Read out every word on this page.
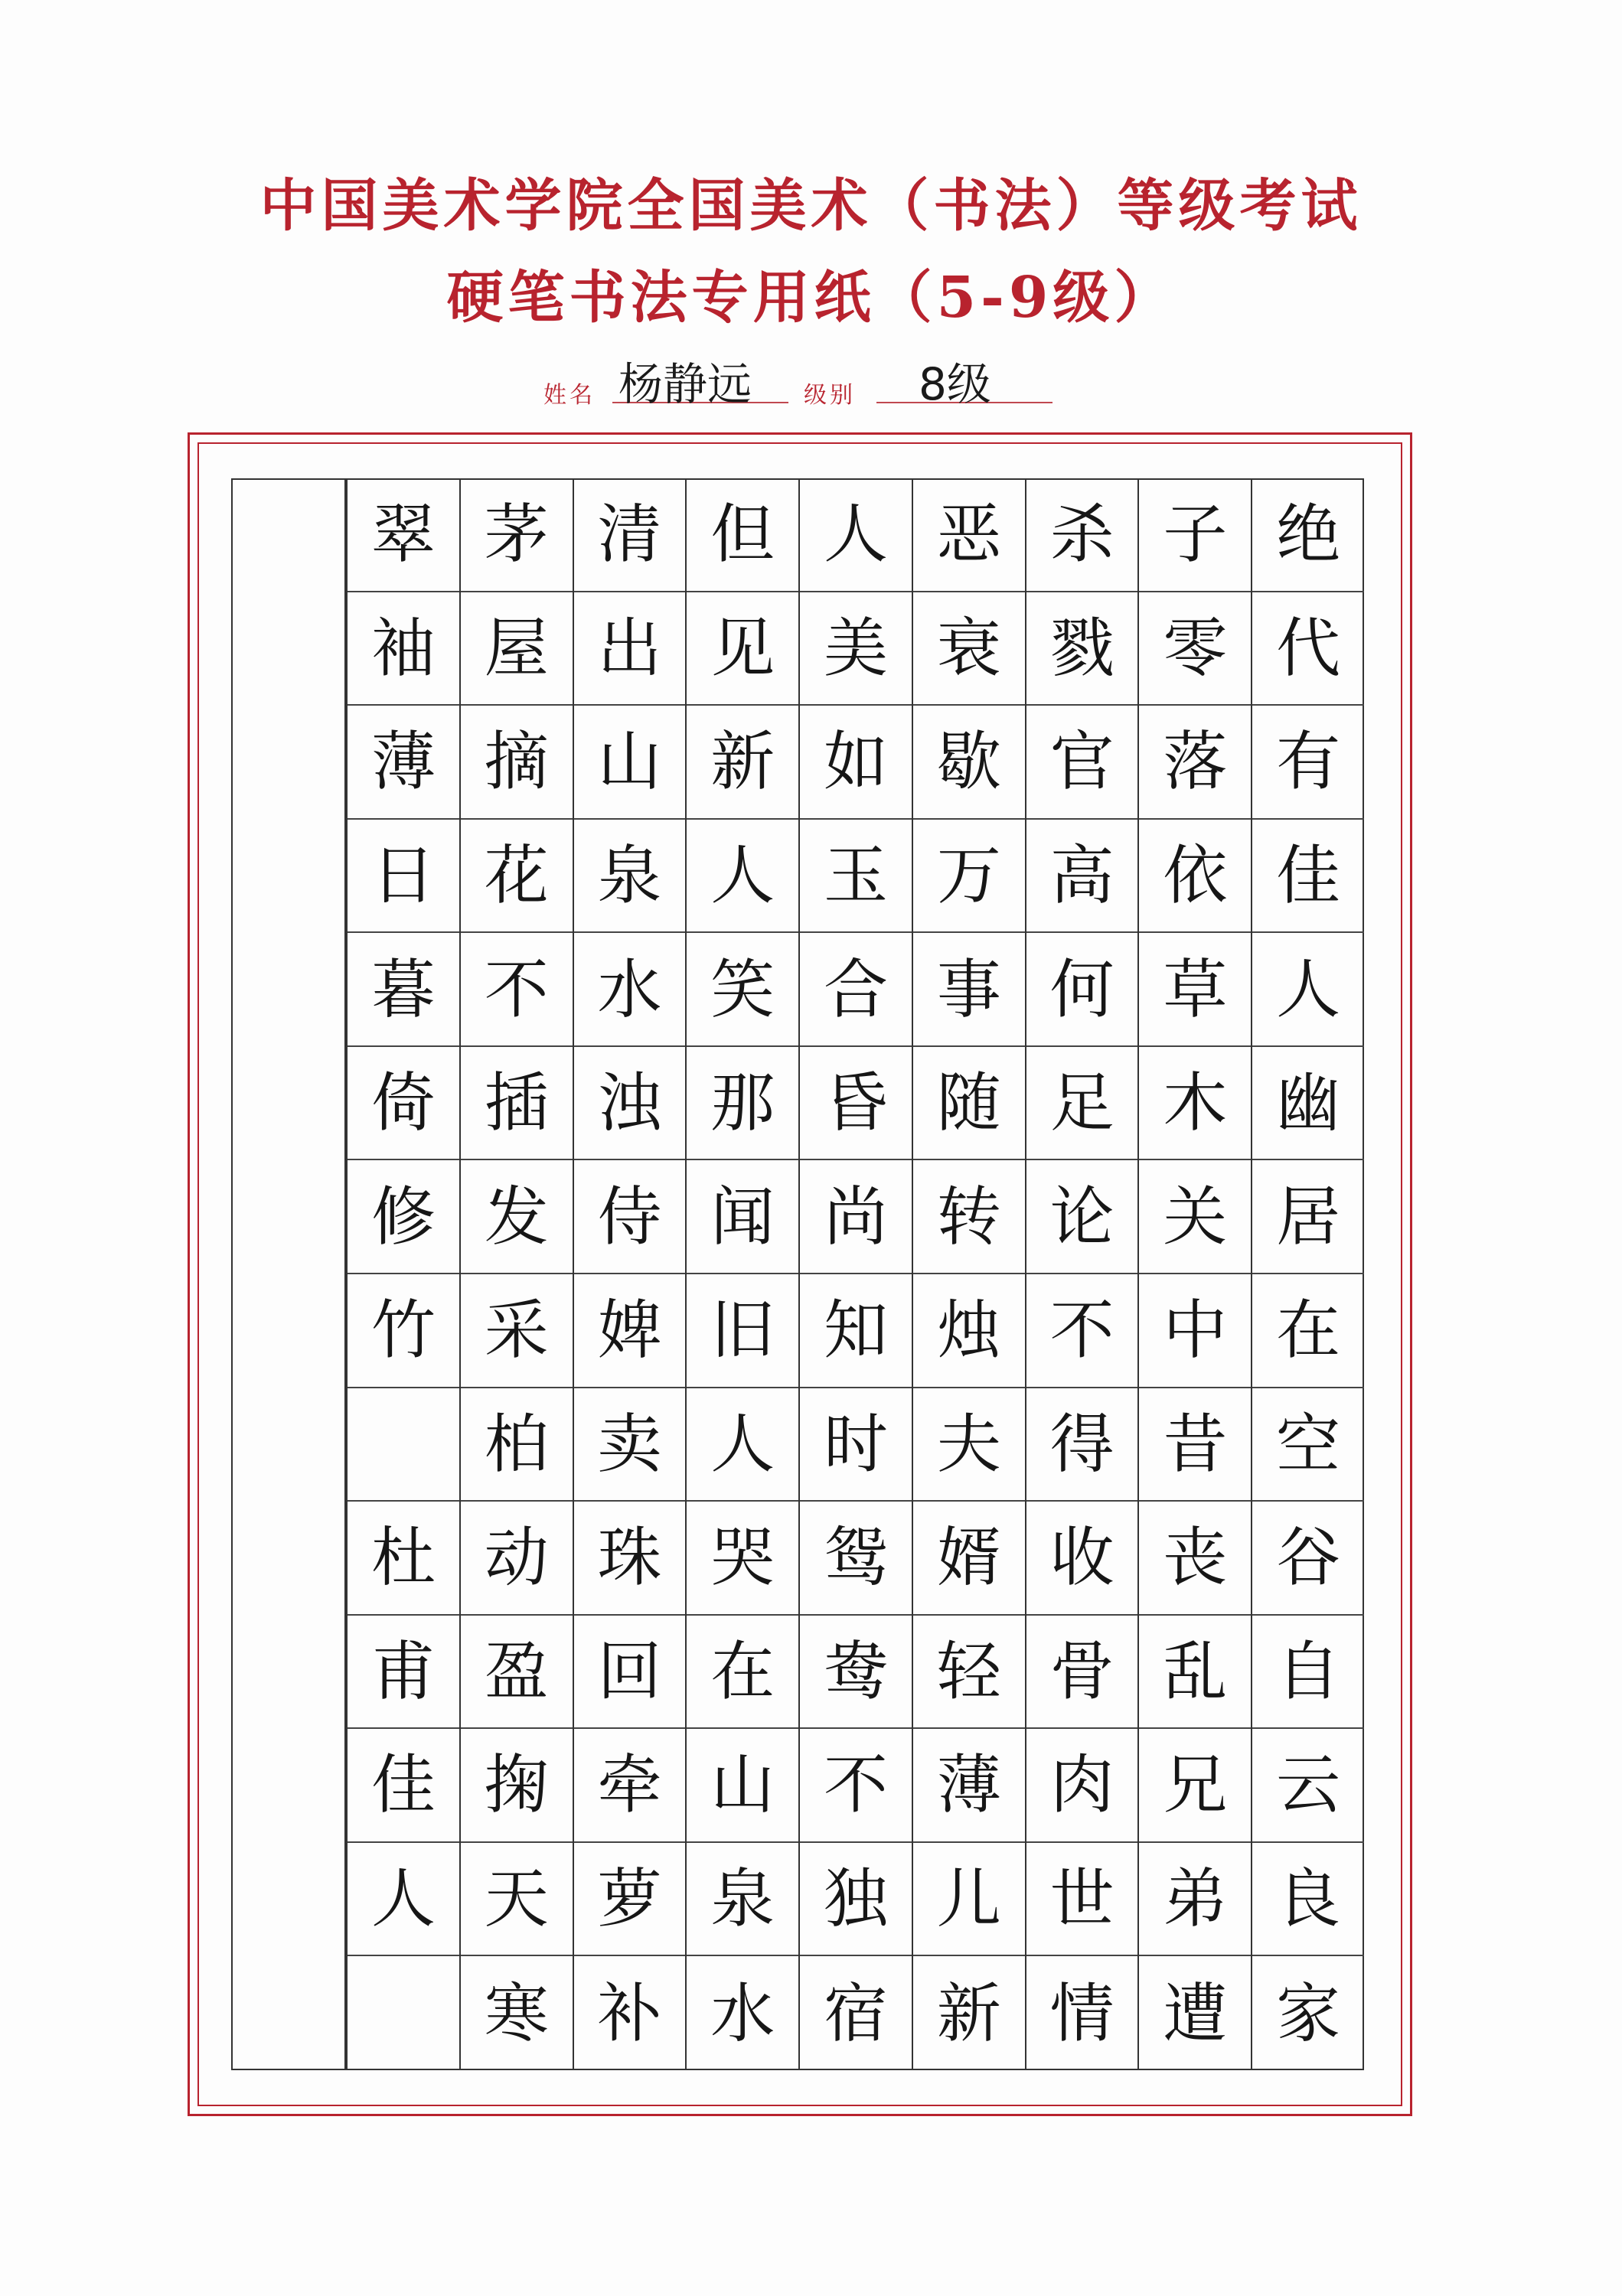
中国美术学院全国美术（书法）等级考试
硬笔书法专用纸（5-9级）
姓名 杨静远 级别 8级
绝
代
有
佳
人
幽
居
在
空
谷
自
云
良
家
子
零
落
依
草
木
关
中
昔
丧
乱
兄
弟
遭
杀
戮
官
高
何
足
论
不
得
收
骨
肉
世
情
恶
衰
歇
万
事
随
转
烛
夫
婿
轻
薄
儿
新
人
美
如
玉
合
昏
尚
知
时
鸳
鸯
不
独
宿
但
见
新
人
笑
那
闻
旧
人
哭
在
山
泉
水
清
出
山
泉
水
浊
侍
婢
卖
珠
回
牵
萝
补
茅
屋
摘
花
不
插
发
采
柏
动
盈
掬
天
寒
翠
袖
薄
日
暮
倚
修
竹
杜
甫
佳
人
